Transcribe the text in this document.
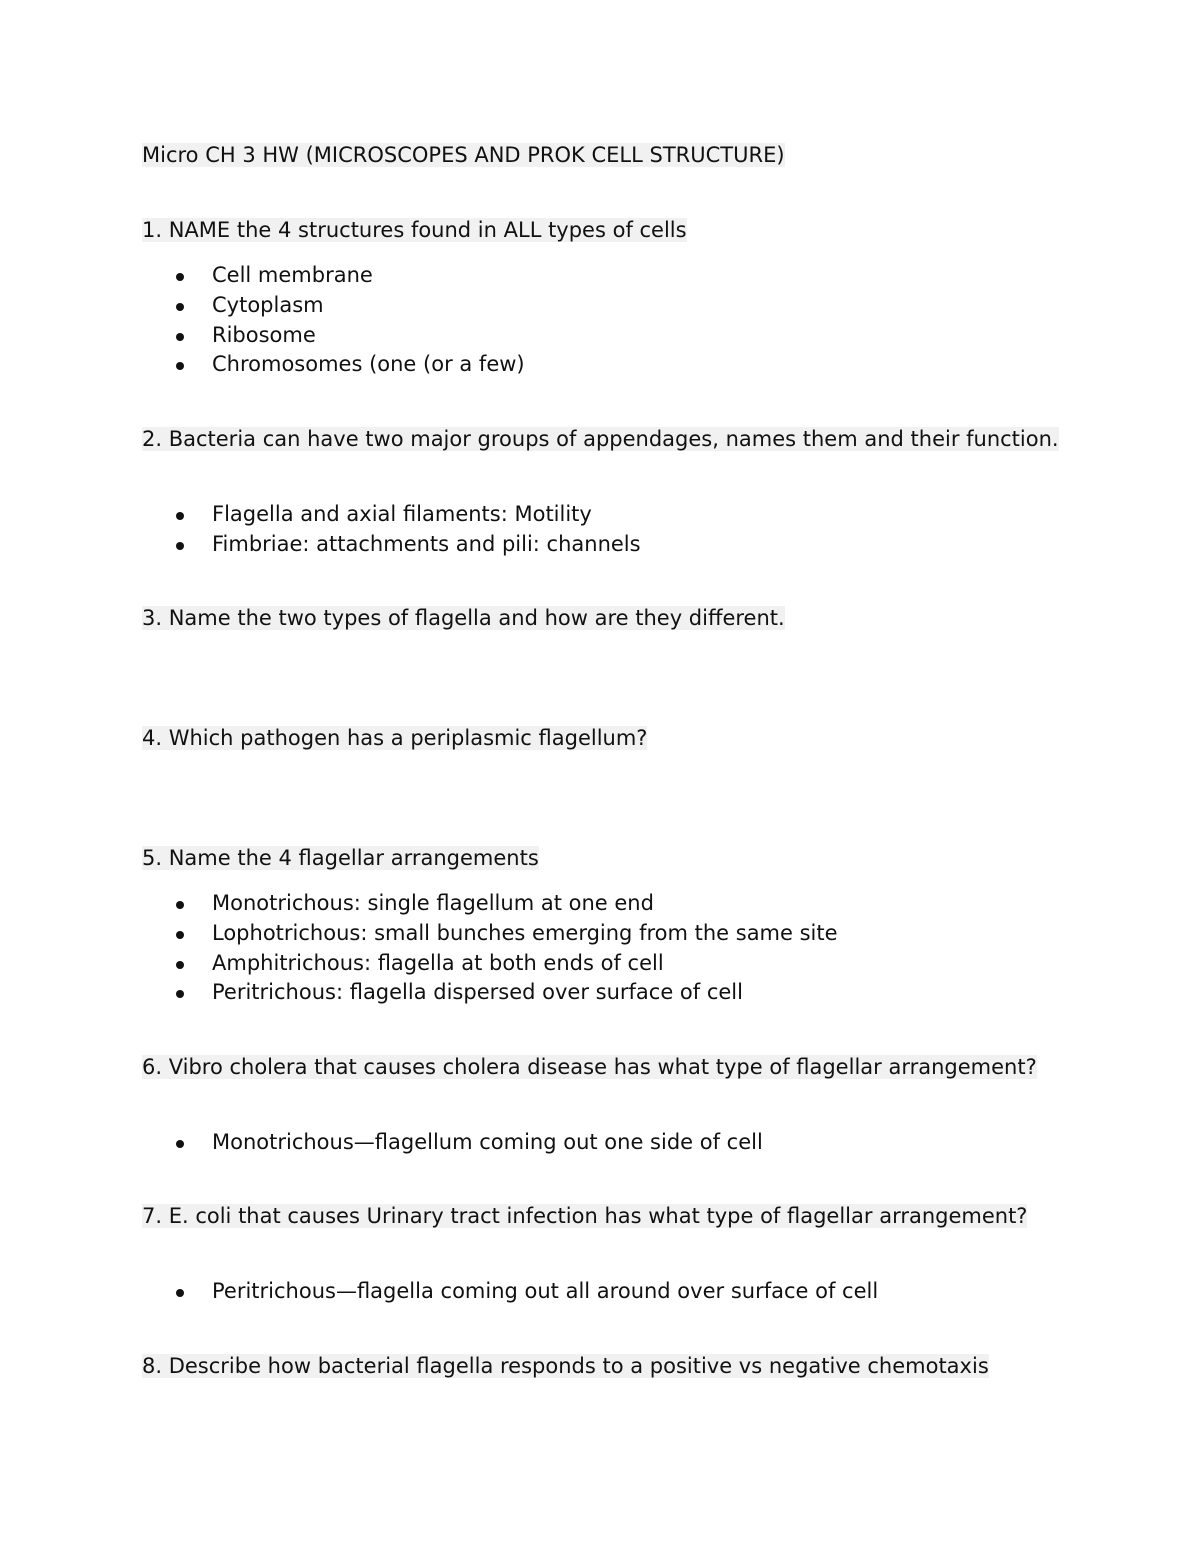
Micro CH 3 HW (MICROSCOPES AND PROK CELL STRUCTURE)
1. NAME the 4 structures found in ALL types of cells
Cell membrane
Cytoplasm
Ribosome
Chromosomes (one (or a few)
2. Bacteria can have two major groups of appendages, names them and their function.
Flagella and axial filaments: Motility
Fimbriae: attachments and pili: channels
3. Name the two types of flagella and how are they different.
4. Which pathogen has a periplasmic flagellum?
5. Name the 4 flagellar arrangements
Monotrichous: single flagellum at one end
Lophotrichous: small bunches emerging from the same site
Amphitrichous: flagella at both ends of cell
Peritrichous: flagella dispersed over surface of cell
6. Vibro cholera that causes cholera disease has what type of flagellar arrangement?
Monotrichous—flagellum coming out one side of cell
7. E. coli that causes Urinary tract infection has what type of flagellar arrangement?
Peritrichous—flagella coming out all around over surface of cell
8. Describe how bacterial flagella responds to a positive vs negative chemotaxis
